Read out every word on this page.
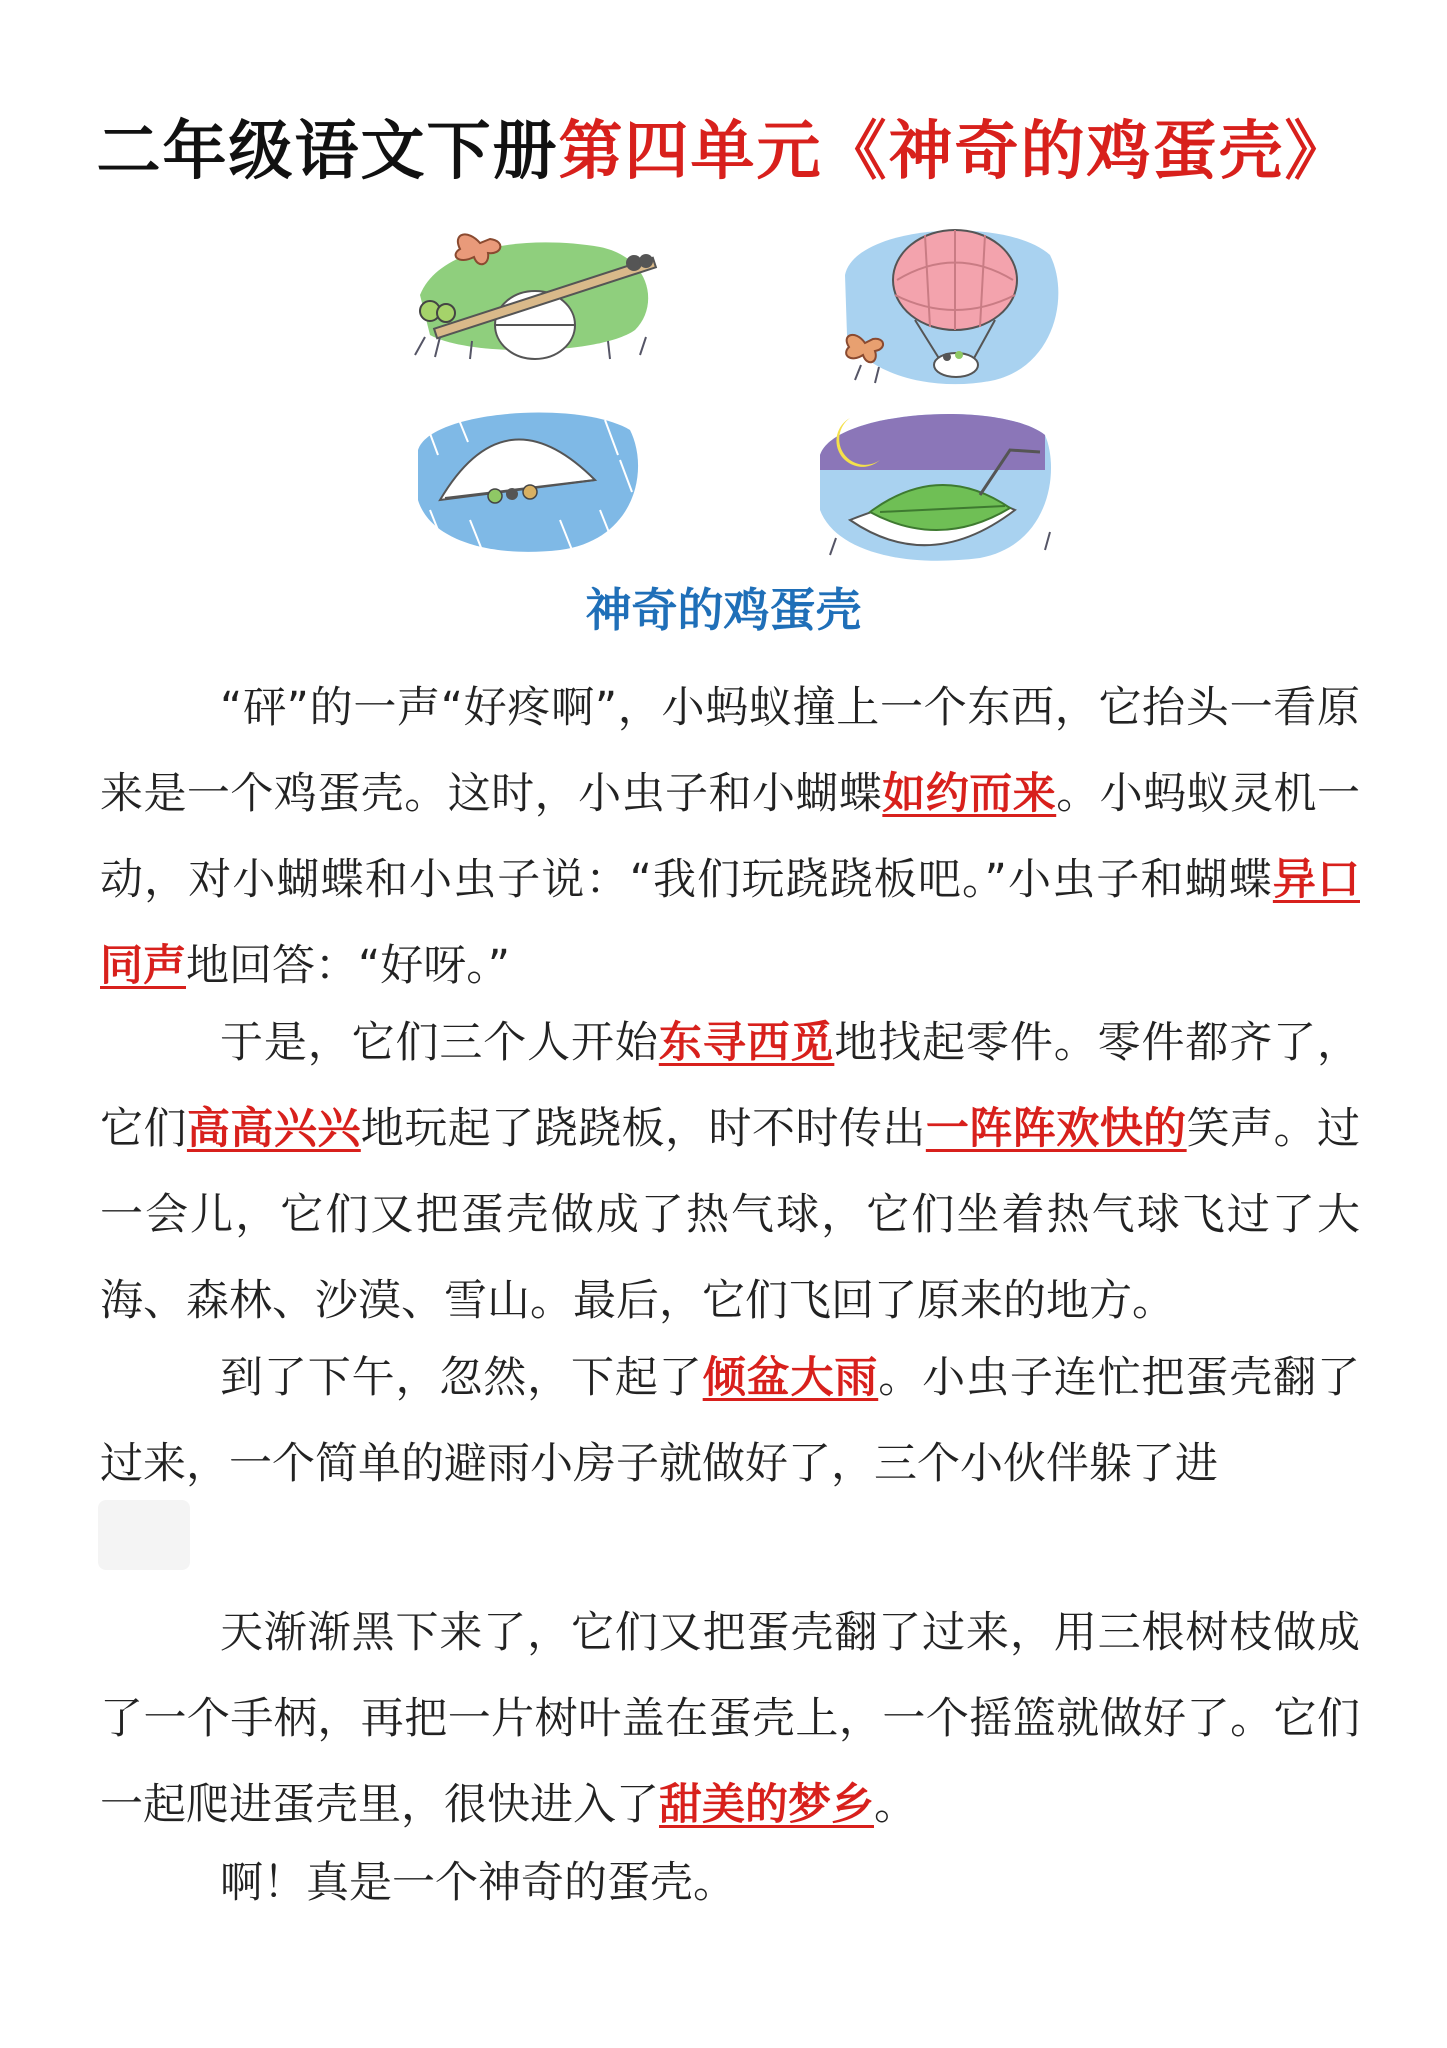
二年级语文下册第四单元《神奇的鸡蛋壳》
神奇的鸡蛋壳

“砰”的一声“好疼啊”，小蚂蚁撞上一个东西，它抬头一看原来是一个鸡蛋壳。这时，小虫子和小蝴蝶如约而来。小蚂蚁灵机一动，对小蝴蝶和小虫子说：“我们玩跷跷板吧。”小虫子和蝴蝶异口同声地回答：“好呀。”

于是，它们三个人开始东寻西觅地找起零件。零件都齐了，它们高高兴兴地玩起了跷跷板，时不时传出一阵阵欢快的笑声。过一会儿，它们又把蛋壳做成了热气球，它们坐着热气球飞过了大海、森林、沙漠、雪山。最后，它们飞回了原来的地方。

到了下午，忽然，下起了倾盆大雨。小虫子连忙把蛋壳翻了过来，一个简单的避雨小房子就做好了，三个小伙伴躲了进

天渐渐黑下来了，它们又把蛋壳翻了过来，用三根树枝做成了一个手柄，再把一片树叶盖在蛋壳上，一个摇篮就做好了。它们一起爬进蛋壳里，很快进入了甜美的梦乡。

啊！真是一个神奇的蛋壳。
